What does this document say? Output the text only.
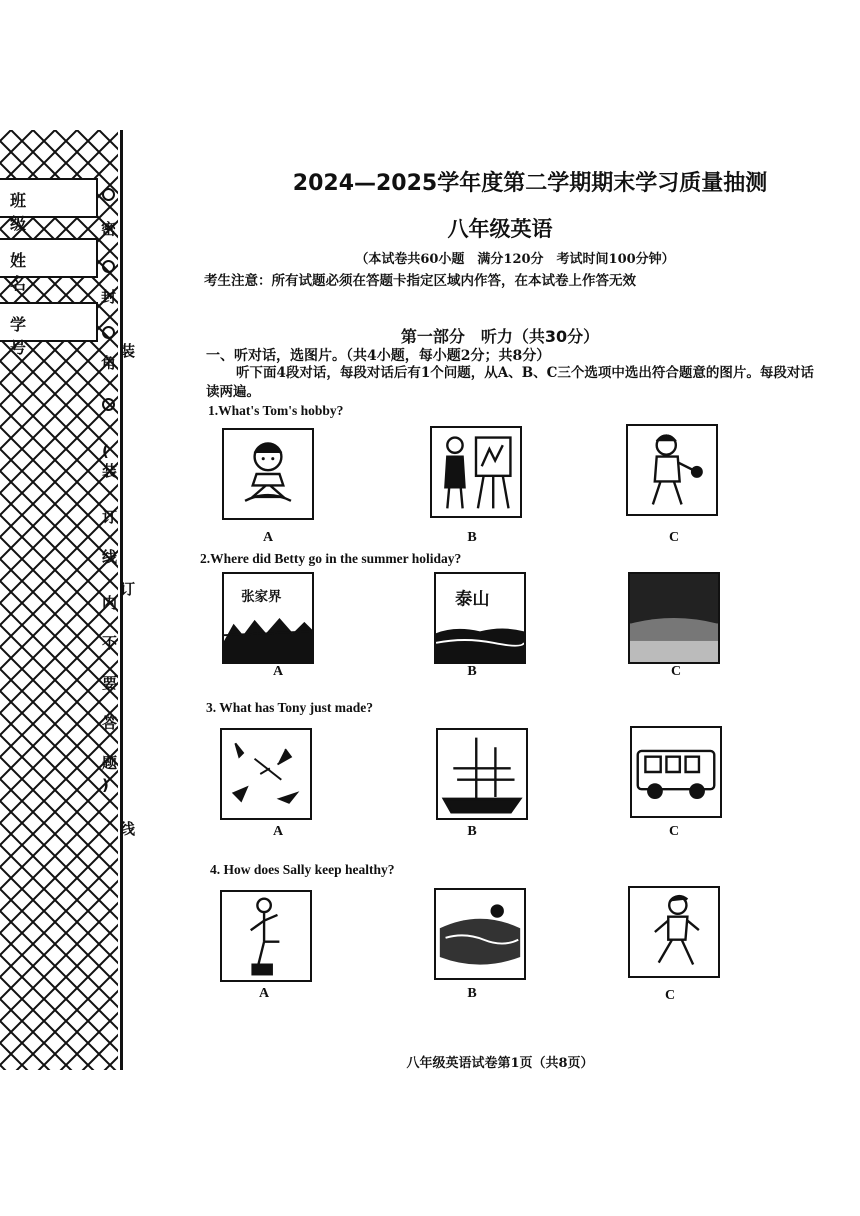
班级
姓名
学号
密
封
角
装
(
装
订
线
内
不
要
答
题
)
订
线
2024—2025学年度第二学期期末学习质量抽测
八年级英语
（本试卷共60小题　满分120分　考试时间100分钟）
考生注意：所有试题必须在答题卡指定区域内作答，在本试卷上作答无效
第一部分　听力（共30分）
一、听对话，选图片。（共4小题，每小题2分；共8分）
听下面4段对话，每段对话后有1个问题，从A、B、C三个选项中选出符合题意的图片。每段对话读两遍。
1.What's Tom's hobby?
A	B	C
2.Where did Betty go in the summer holiday?
张家界	泰山
A	B	C
3. What has Tony just made?
A	B	C
4. How does Sally keep healthy?
A	B	C
八年级英语试卷第1页（共8页）
